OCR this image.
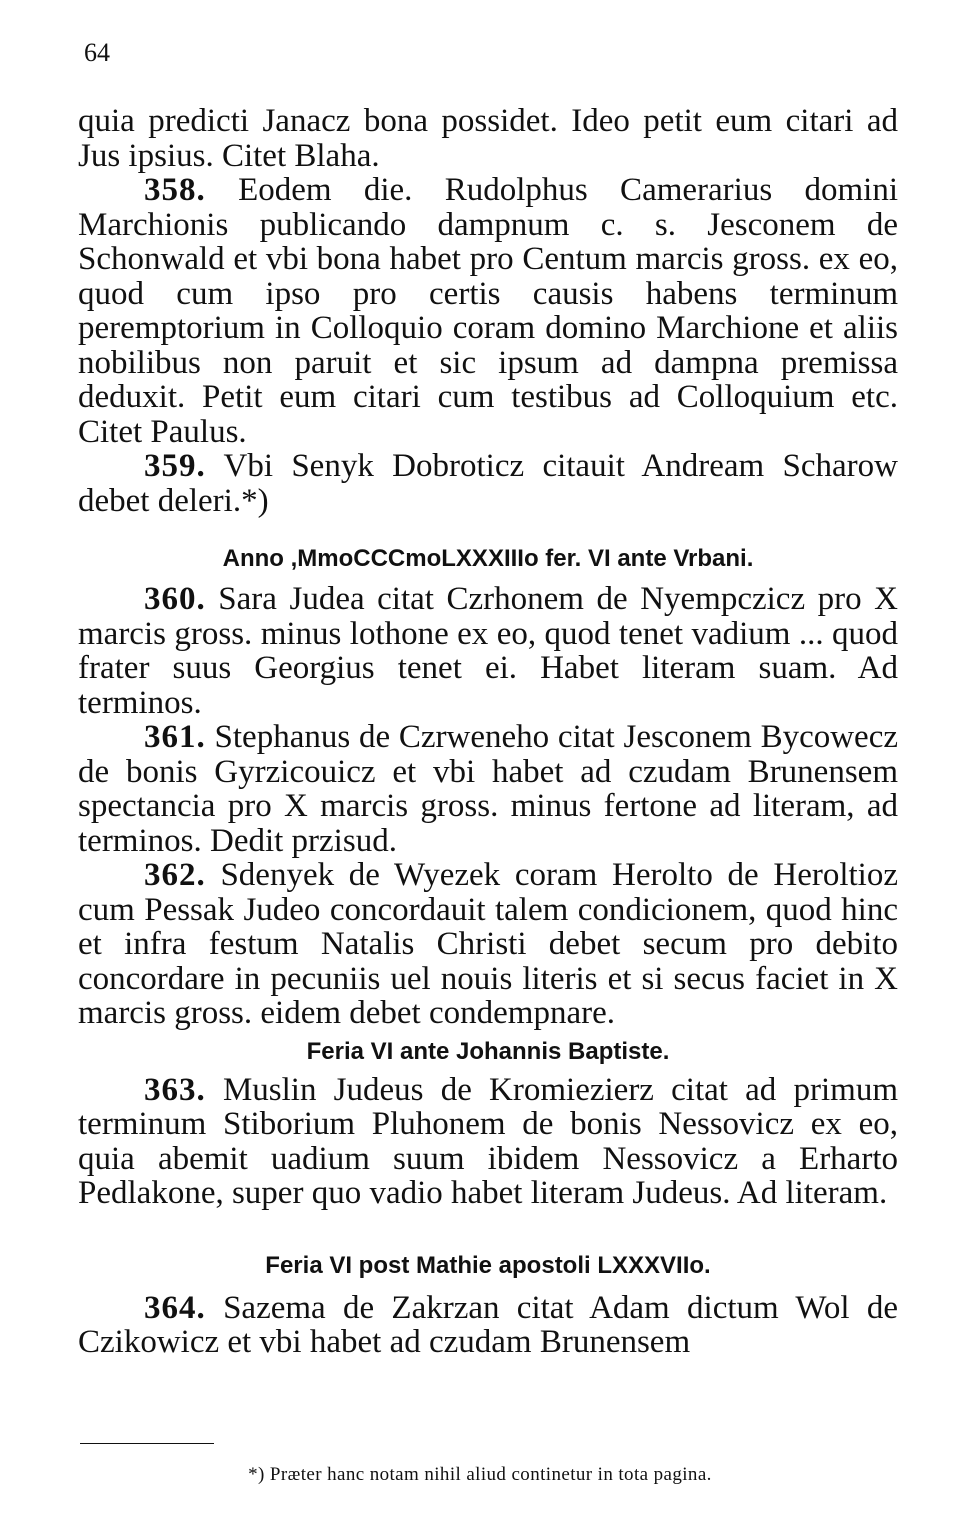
64

quia predicti Janacz bona possidet. Ideo petit eum citari ad Jus ipsius. Citet Blaha.

358. Eodem die. Rudolphus Camerarius domini Marchionis publicando dampnum c. s. Jesconem de Schonwald et vbi bona habet pro Centum marcis gross. ex eo, quod cum ipso pro certis causis habens terminum peremptorium in Colloquio coram domino Marchione et aliis nobilibus non paruit et sic ipsum ad dampna premissa deduxit. Petit eum citari cum testibus ad Colloquium etc. Citet Paulus.

359. Vbi Senyk Dobroticz citauit Andream Scharow debet deleri.*)

Anno ,MmoCCCmoLXXXIIIo fer. VI ante Vrbani.

360. Sara Judea citat Czrhonem de Nyempczicz pro X marcis gross. minus lothone ex eo, quod tenet vadium ... quod frater suus Georgius tenet ei. Habet literam suam. Ad terminos.

361. Stephanus de Czrweneho citat Jesconem Bycowecz de bonis Gyrzicouicz et vbi habet ad czudam Brunensem spectancia pro X marcis gross. minus fertone ad literam, ad terminos. Dedit przisud.

362. Sdenyek de Wyezek coram Herolto de Heroltioz cum Pessak Judeo concordauit talem condicionem, quod hinc et infra festum Natalis Christi debet secum pro debito concordare in pecuniis uel nouis literis et si secus faciet in X marcis gross. eidem debet condempnare.

Feria VI ante Johannis Baptiste.

363. Muslin Judeus de Kromiezierz citat ad primum terminum Stiborium Pluhonem de bonis Nessovicz ex eo, quia abemit uadium suum ibidem Nessovicz a Erharto Pedlakone, super quo vadio habet literam Judeus. Ad literam.

Feria VI post Mathie apostoli LXXXVIIo.

364. Sazema de Zakrzan citat Adam dictum Wol de Czikowicz et vbi habet ad czudam Brunensem

*) Præter hanc notam nihil aliud continetur in tota pagina.
